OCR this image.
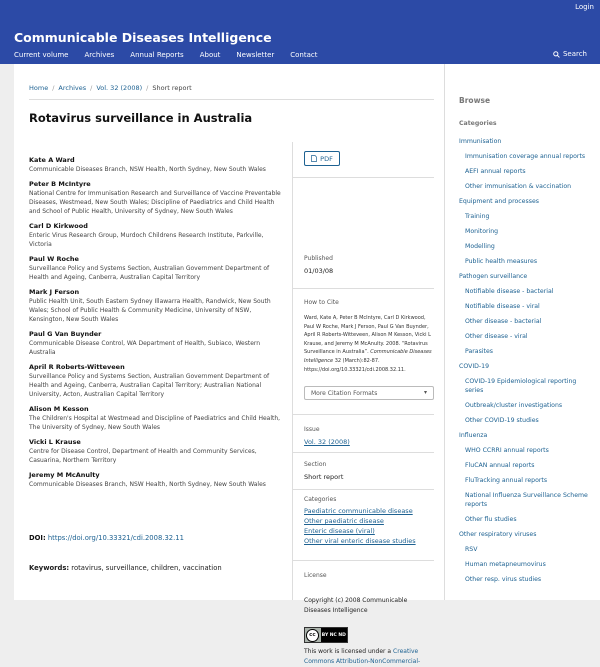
Login
Communicable Diseases Intelligence
Current volume Archives Annual Reports About Newsletter Contact	Search
Home / Archives / Vol. 32 (2008) / Short report
Rotavirus surveillance in Australia
Kate A Ward
Communicable Diseases Branch, NSW Health, North Sydney, New South Wales
Peter B McIntyre
National Centre for Immunisation Research and Surveillance of Vaccine Preventable Diseases, Westmead, New South Wales; Discipline of Paediatrics and Child Health and School of Public Health, University of Sydney, New South Wales
Carl D Kirkwood
Enteric Virus Research Group, Murdoch Childrens Research Institute, Parkville, Victoria
Paul W Roche
Surveillance Policy and Systems Section, Australian Government Department of Health and Ageing, Canberra, Australian Capital Territory
Mark J Ferson
Public Health Unit, South Eastern Sydney Illawarra Health, Randwick, New South Wales; School of Public Health & Community Medicine, University of NSW, Kensington, New South Wales
Paul G Van Buynder
Communicable Disease Control, WA Department of Health, Subiaco, Western Australia
April R Roberts-Witteveen
Surveillance Policy and Systems Section, Australian Government Department of Health and Ageing, Canberra, Australian Capital Territory; Australian National University, Acton, Australian Capital Territory
Alison M Kesson
The Children's Hospital at Westmead and Discipline of Paediatrics and Child Health, The University of Sydney, New South Wales
Vicki L Krause
Centre for Disease Control, Department of Health and Community Services, Casuarina, Northern Territory
Jeremy M McAnulty
Communicable Diseases Branch, NSW Health, North Sydney, New South Wales
DOI: https://doi.org/10.33321/cdi.2008.32.11
Keywords: rotavirus, surveillance, children, vaccination
PDF
Published
01/03/08
How to Cite
Ward, Kate A, Peter B McIntyre, Carl D Kirkwood, Paul W Roche, Mark J Ferson, Paul G Van Buynder, April R Roberts-Witteveen, Alison M Kesson, Vicki L Krause, and Jeremy M McAnulty. 2008. “Rotavirus Surveillance in Australia”. Communicable Diseases Intelligence 32 (March):82-87. https://doi.org/10.33321/cdi.2008.32.11.
More Citation Formats	▾
Issue
Vol. 32 (2008)
Section
Short report
Categories
Paediatric communicable disease
Other paediatric disease
Enteric disease (viral)
Other viral enteric disease studies
License
Copyright (c) 2008 Communicable Diseases Intelligence
cc	BY NC ND
This work is licensed under a Creative
Commons Attribution-NonCommercial-
Browse
Categories
Immunisation
Immunisation coverage annual reports
AEFI annual reports
Other immunisation & vaccination
Equipment and processes
Training
Monitoring
Modelling
Public health measures
Pathogen surveillance
Notifiable disease - bacterial
Notifiable disease - viral
Other disease - bacterial
Other disease - viral
Parasites
COVID-19
COVID-19 Epidemiological reporting series
Outbreak/cluster investigations
Other COVID-19 studies
Influenza
WHO CCRRI annual reports
FluCAN annual reports
FluTracking annual reports
National Influenza Surveillance Scheme reports
Other flu studies
Other respiratory viruses
RSV
Human metapneumovirus
Other resp. virus studies
